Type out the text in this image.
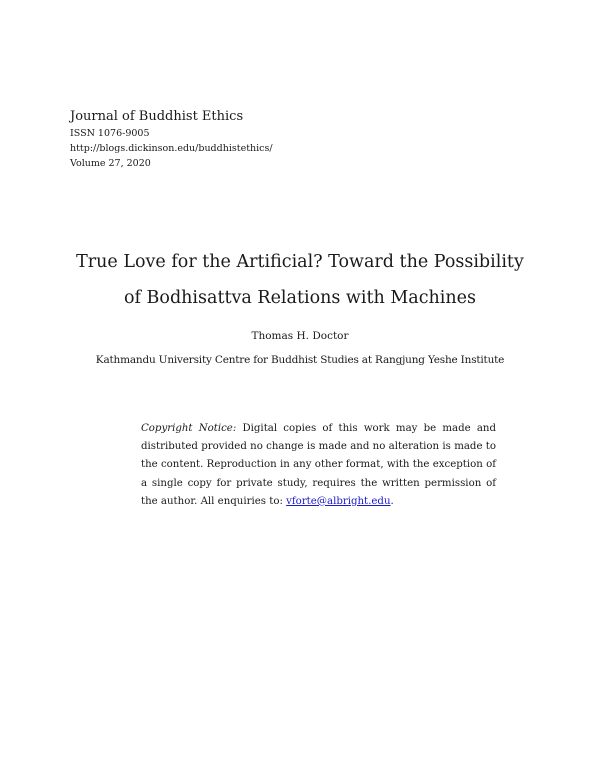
Journal of Buddhist Ethics
ISSN 1076-9005
http://blogs.dickinson.edu/buddhistethics/
Volume 27, 2020
True Love for the Artificial? Toward the Possibility
of Bodhisattva Relations with Machines
Thomas H. Doctor
Kathmandu University Centre for Buddhist Studies at Rangjung Yeshe Institute
Copyright Notice: Digital copies of this work may be made and distributed provided no change is made and no alteration is made to the content. Reproduction in any other format, with the exception of a single copy for private study, requires the written permission of the author. All enquiries to: vforte@albright.edu.
